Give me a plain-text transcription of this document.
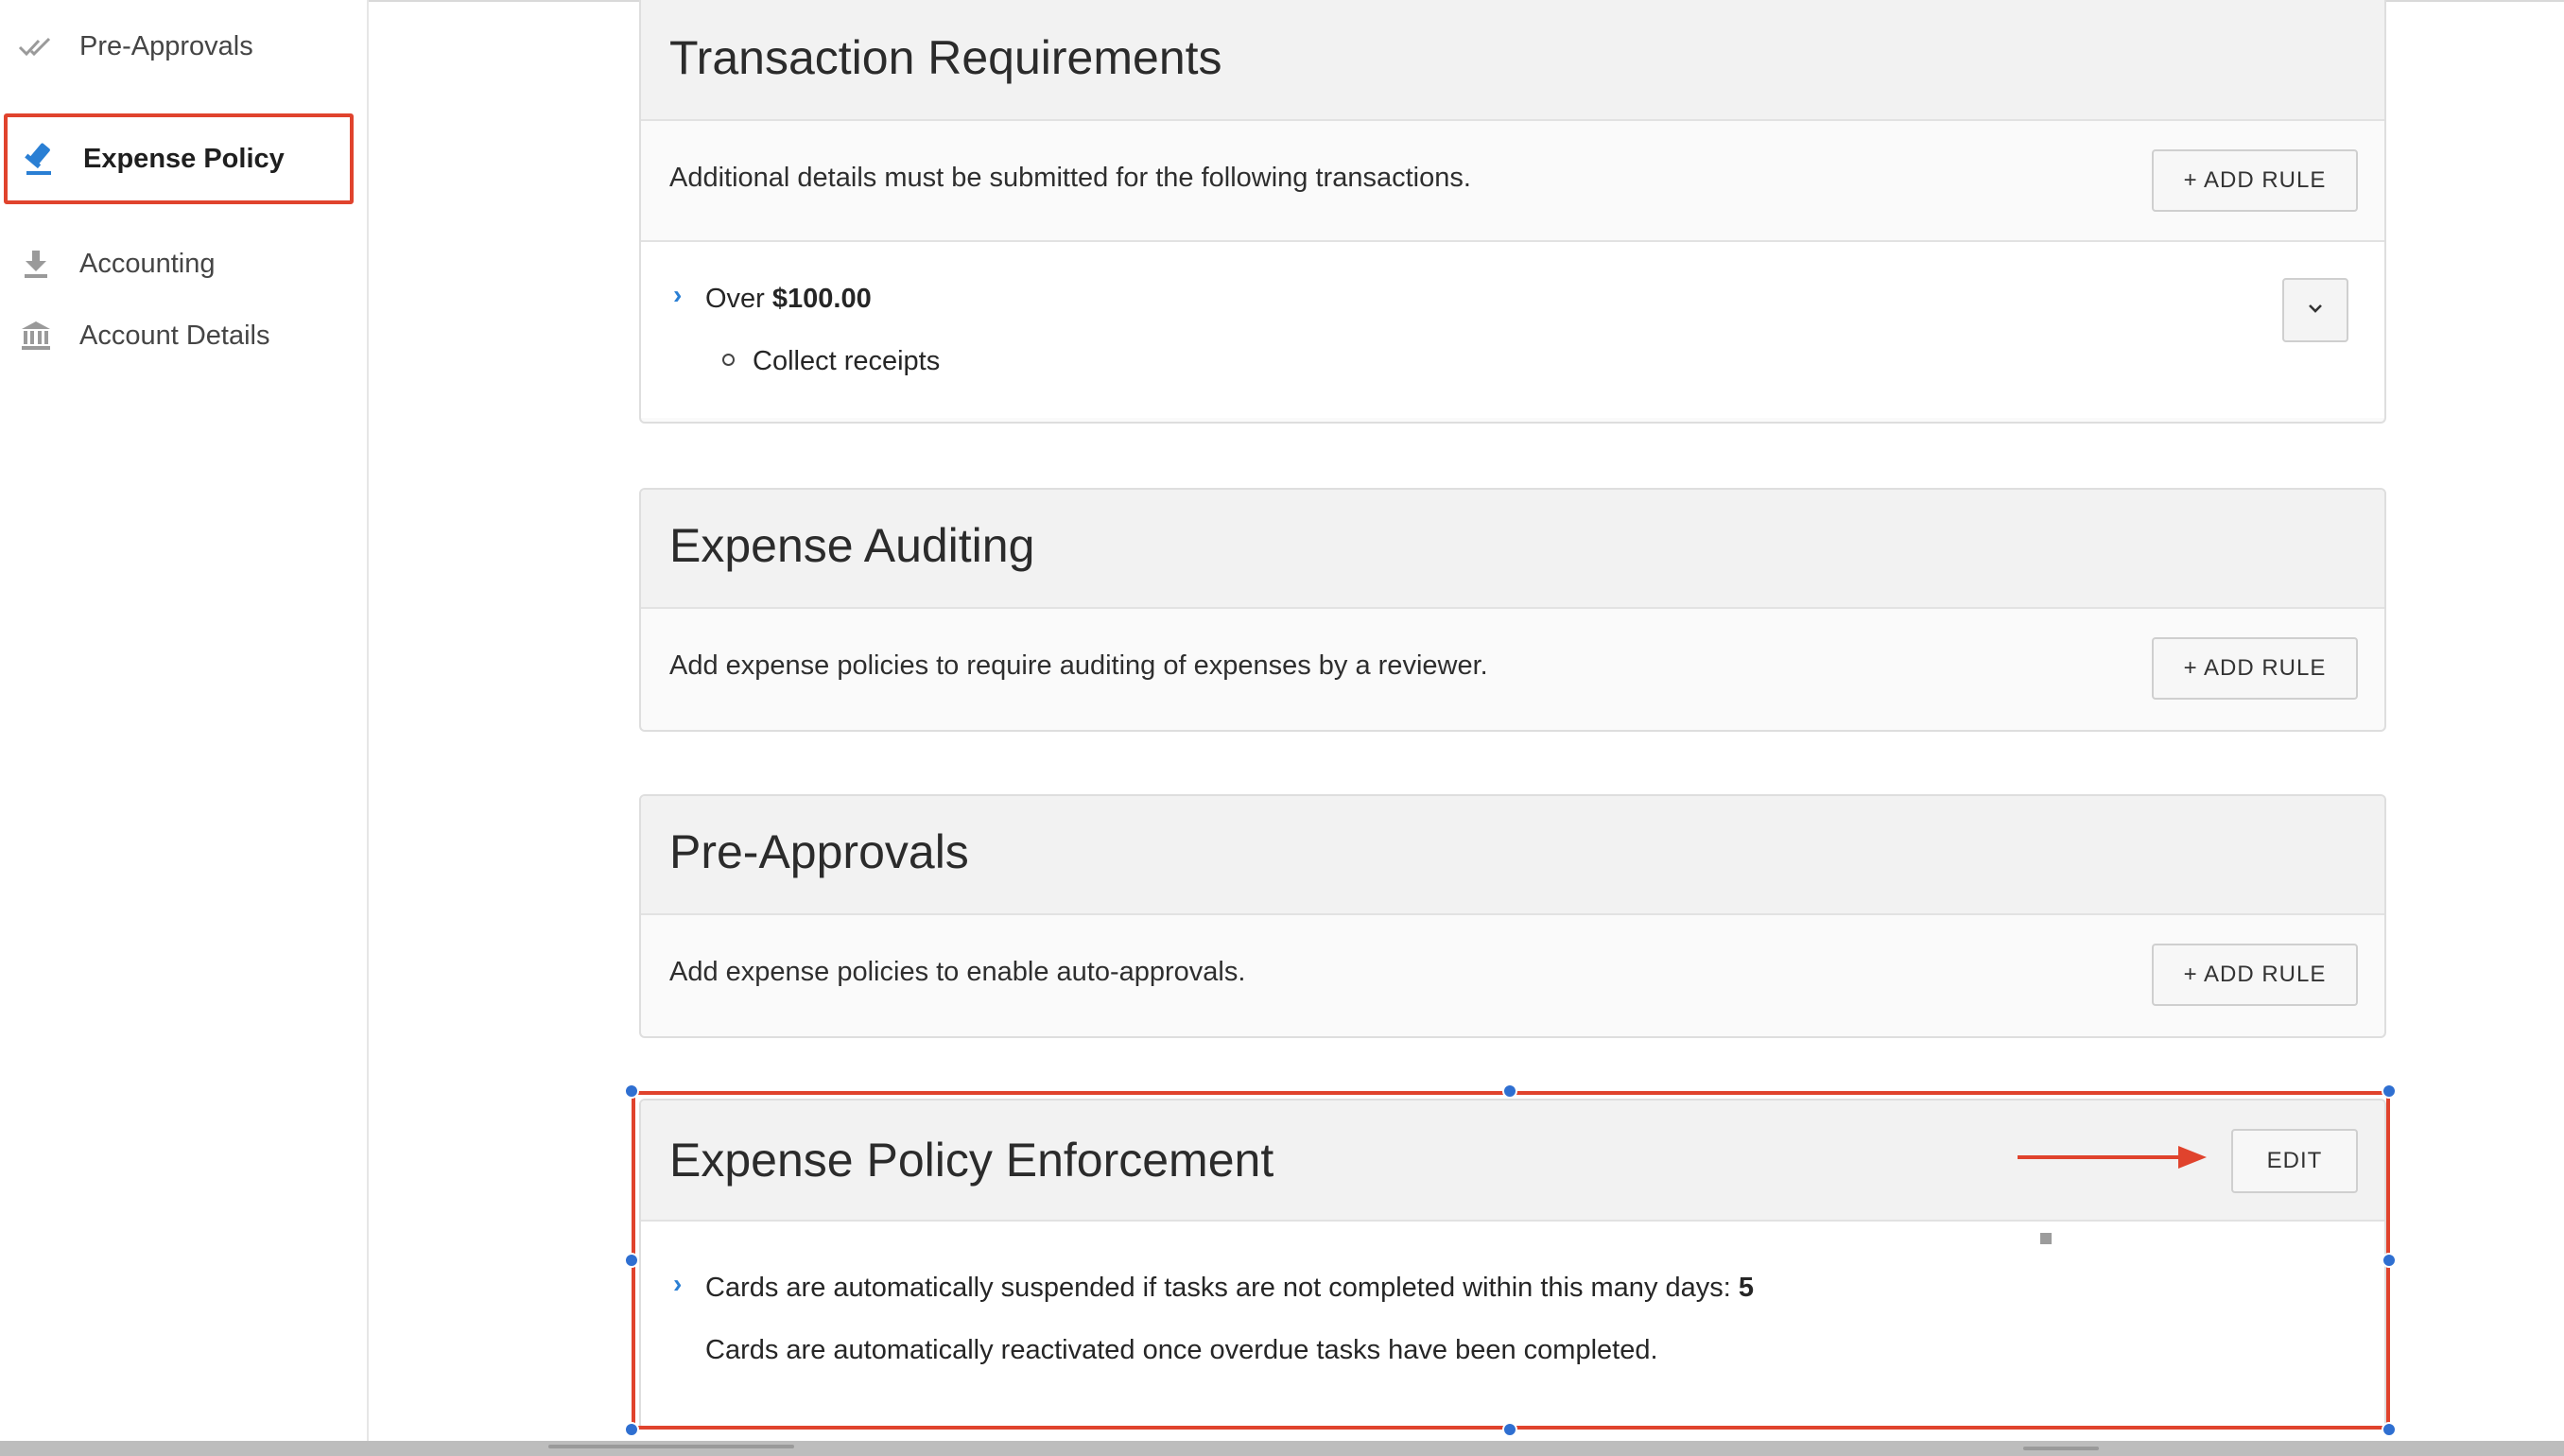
Pre-Approvals
Expense Policy
Accounting
Account Details
Transaction Requirements
Additional details must be submitted for the following transactions.	+ ADD RULE
› Over $100.00
Collect receipts
Expense Auditing
Add expense policies to require auditing of expenses by a reviewer.	+ ADD RULE
Pre-Approvals
Add expense policies to enable auto-approvals.	+ ADD RULE
Expense Policy Enforcement	EDIT
› Cards are automatically suspended if tasks are not completed within this many days: 5
Cards are automatically reactivated once overdue tasks have been completed.
